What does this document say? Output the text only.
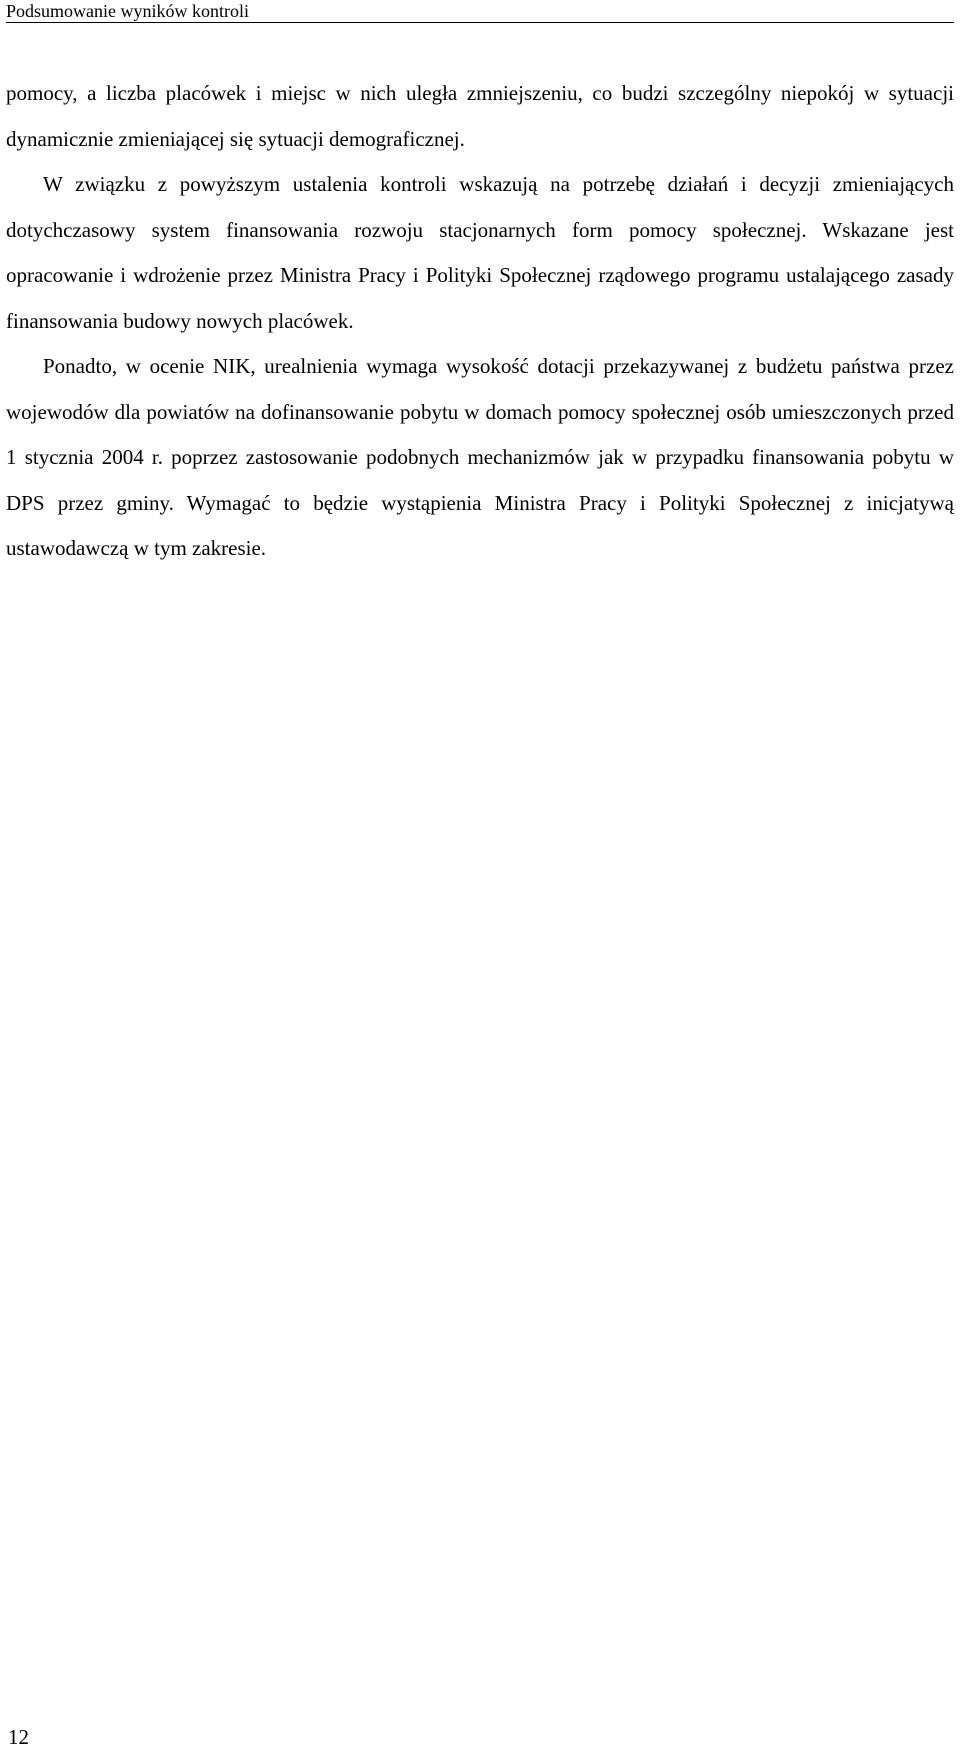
Podsumowanie wyników kontroli

pomocy, a liczba placówek i miejsc w nich uległa zmniejszeniu, co budzi szczególny niepokój w sytuacji dynamicznie zmieniającej się sytuacji demograficznej.

W związku z powyższym ustalenia kontroli wskazują na potrzebę działań i decyzji zmieniających dotychczasowy system finansowania rozwoju stacjonarnych form pomocy społecznej. Wskazane jest opracowanie i wdrożenie przez Ministra Pracy i Polityki Społecznej rządowego programu ustalającego zasady finansowania budowy nowych placówek.

Ponadto, w ocenie NIK, urealnienia wymaga wysokość dotacji przekazywanej z budżetu państwa przez wojewodów dla powiatów na dofinansowanie pobytu w domach pomocy społecznej osób umieszczonych przed 1 stycznia 2004 r. poprzez zastosowanie podobnych mechanizmów jak w przypadku finansowania pobytu w DPS przez gminy. Wymagać to będzie wystąpienia Ministra Pracy i Polityki Społecznej z inicjatywą ustawodawczą w tym zakresie.

12
